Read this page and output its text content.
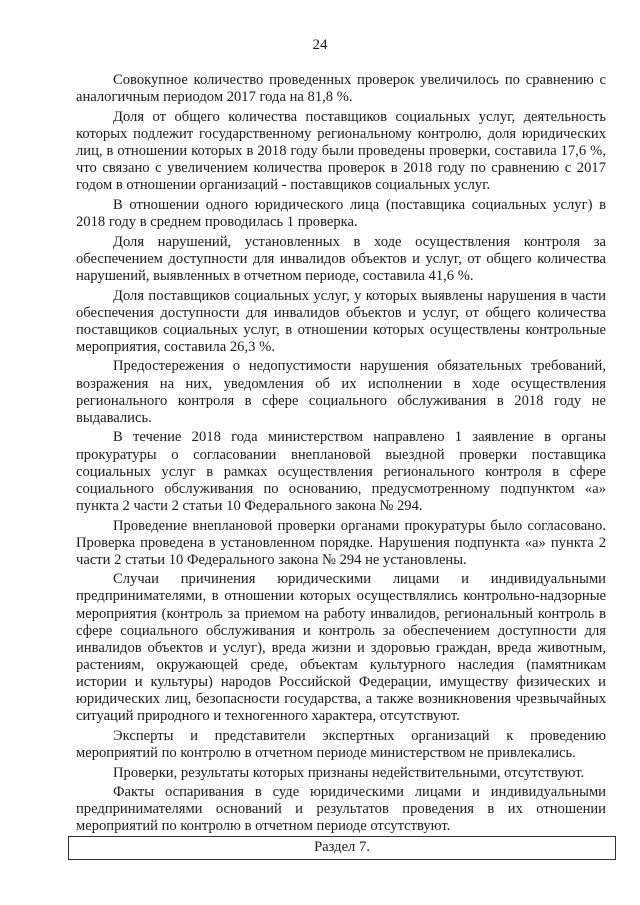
24

Совокупное количество проведенных проверок увеличилось по сравнению с аналогичным периодом 2017 года на 81,8 %.

Доля от общего количества поставщиков социальных услуг, деятельность которых подлежит государственному региональному контролю, доля юридических лиц, в отношении которых в 2018 году были проведены проверки, составила 17,6 %, что связано с увеличением количества проверок в 2018 году по сравнению с 2017 годом в отношении организаций - поставщиков социальных услуг.

В отношении одного юридического лица (поставщика социальных услуг) в 2018 году в среднем проводилась 1 проверка.

Доля нарушений, установленных в ходе осуществления контроля за обеспечением доступности для инвалидов объектов и услуг, от общего количества нарушений, выявленных в отчетном периоде, составила 41,6 %.

Доля поставщиков социальных услуг, у которых выявлены нарушения в части обеспечения доступности для инвалидов объектов и услуг, от общего количества поставщиков социальных услуг, в отношении которых осуществлены контрольные мероприятия, составила 26,3 %.

Предостережения о недопустимости нарушения обязательных требований, возражения на них, уведомления об их исполнении в ходе осуществления регионального контроля в сфере социального обслуживания в 2018 году не выдавались.

В течение 2018 года министерством направлено 1 заявление в органы прокуратуры о согласовании внеплановой выездной проверки поставщика социальных услуг в рамках осуществления регионального контроля в сфере социального обслуживания по основанию, предусмотренному подпунктом «а» пункта 2 части 2 статьи 10 Федерального закона № 294.

Проведение внеплановой проверки органами прокуратуры было согласовано. Проверка проведена в установленном порядке. Нарушения подпункта «а» пункта 2 части 2 статьи 10 Федерального закона № 294 не установлены.

Случаи причинения юридическими лицами и индивидуальными предпринимателями, в отношении которых осуществлялись контрольно-надзорные мероприятия (контроль за приемом на работу инвалидов, региональный контроль в сфере социального обслуживания и контроль за обеспечением доступности для инвалидов объектов и услуг), вреда жизни и здоровью граждан, вреда животным, растениям, окружающей среде, объектам культурного наследия (памятникам истории и культуры) народов Российской Федерации, имуществу физических и юридических лиц, безопасности государства, а также возникновения чрезвычайных ситуаций природного и техногенного характера, отсутствуют.

Эксперты и представители экспертных организаций к проведению мероприятий по контролю в отчетном периоде министерством не привлекались.

Проверки, результаты которых признаны недействительными, отсутствуют.

Факты оспаривания в суде юридическими лицами и индивидуальными предпринимателями оснований и результатов проведения в их отношении мероприятий по контролю в отчетном периоде отсутствуют.

Раздел 7.
